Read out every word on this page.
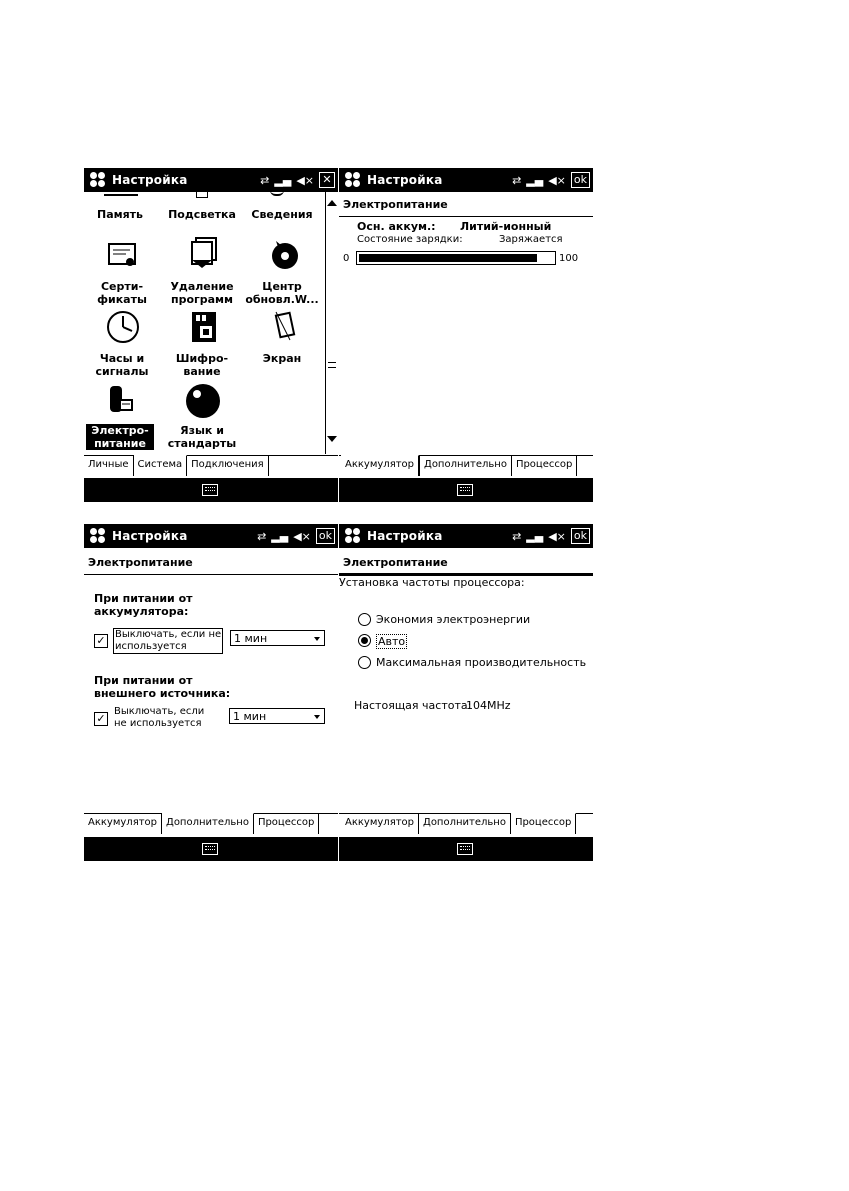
Настройка	⇄ ▂▄ ◀× ✕
Память	Подсветка	Сведения
Серти-
фикаты
Удаление
программ
Центр
обновл.W...
Часы и
сигналы
Шифро-
вание
Экран
Электро-
питание
Язык и
стандарты
Личные Система Подключения
Настройка	⇄ ▂▄ ◀× ok
Электропитание
Осн. аккум.: Литий-ионный
Состояние зарядки:	Заряжается
0	100
Аккумулятор	Дополнительно Процессор
Настройка	⇄ ▂▄ ◀× ok
Электропитание
При питании от
аккумулятора:
✓ Выключать, если не
используется
1 мин
При питании от
внешнего источника:
✓
Выключать, если
не используется
1 мин
Аккумулятор Дополнительно Процессор
Настройка	⇄ ▂▄ ◀× ok
Электропитание
Установка частоты процессора:
Экономия электроэнергии
Авто
Максимальная производительность
Настоящая частота:
104MHz
Аккумулятор Дополнительно Процессор
